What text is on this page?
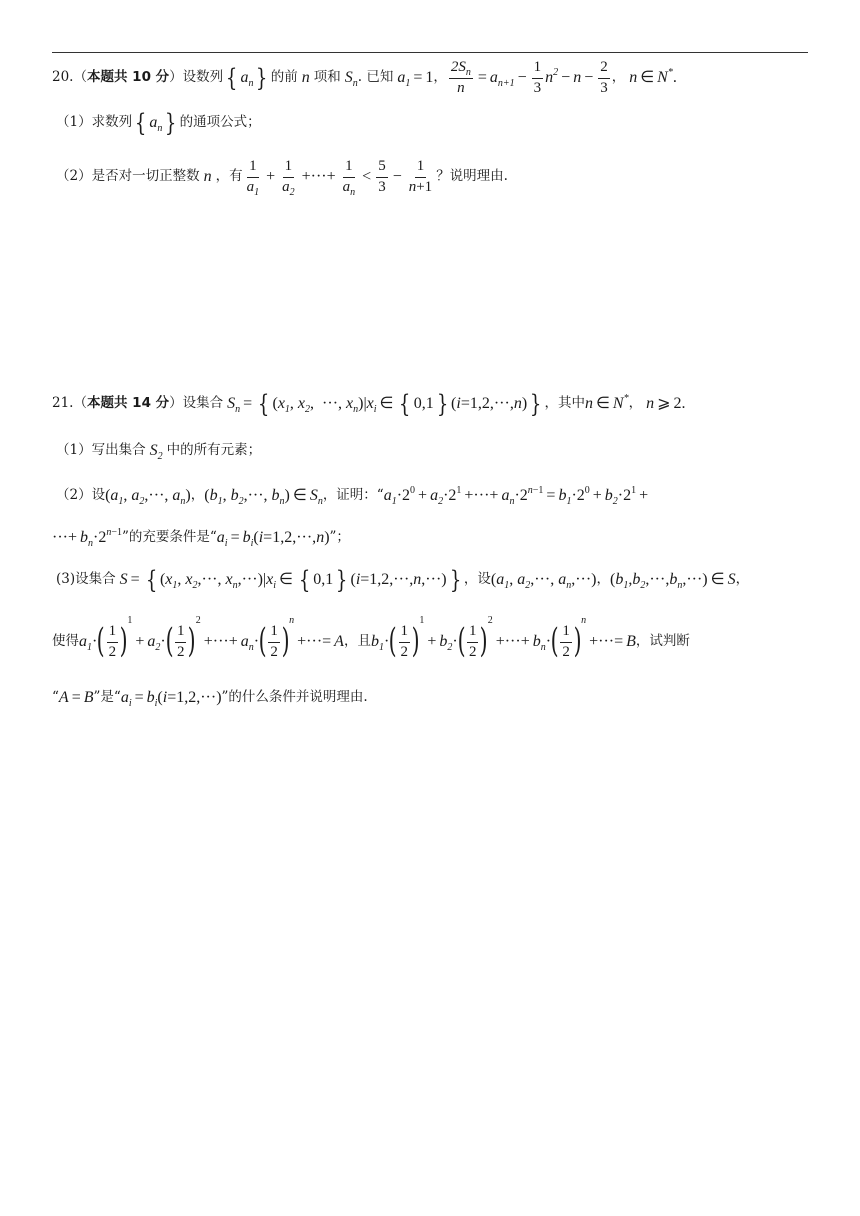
20.（ 本题共 10 分 ） 设数列 { $a_n$ } 的前 n 项和 $S_n$ . 已知 $a_1 = 1$ ， $\frac{2S_n}{n} = a_{n+1} - \frac{1}{3} n^2 - n - \frac{2}{3}$ ， n ∈ N* .
（1） 求数列 { $a_n$ } 的通项公式；
（2） 是否对一切正整数 n ，有 $\frac{1}{a_1} + \frac{1}{a_2}$ +···+ $\frac{1}{a_n} < \frac{5}{3} - \frac{1}{n+1}$ ？说明理由.
21.（ 本题共 14 分 ） 设集合 $S_n$ = { ( $x_1$ , $x_2$ ,  ···, $x_n$ ) | $x_i$ ∈ { 0,1 } ( i =1,2,···, n ) } ，其中 n ∈ N* ， n ⩾ 2.
（1） 写出集合 $S_2$ 中的所有元素；
（2） 设 ( $a_1$ , $a_2$ ,···, $a_n$ ) ， ( $b_1$ , $b_2$ ,···, $b_n$ ) ∈ $S_n$ ，证明：“ $a_1 \cdot 2^0 + a_2 \cdot 2^1$ +···+ $a_n \cdot 2^{n-1} = b_1 \cdot 2^0 + b_2 \cdot 2^1$ +
···+ $b_n \cdot 2^{n-1}$ ”的充要条件是“ $a_i = b_i$ ( i =1,2,···, n ) ”；
(3) 设集合 S = { ( $x_1$ , $x_2$ ,···, $x_n$ ,···) | $x_i$ ∈ { 0,1 } ( i =1,2,···, n ,···) } ，设 ( $a_1$ , $a_2$ ,···, $a_n$ ,···) ， ( $b_1$ , $b_2$ ,···, $b_n$ ,···) ∈ S ，
使得 $a_1$ · ( $\frac{1}{2}$ )
$^1$
+ $a_2$ · ( $\frac{1}{2}$ )
$^2$
+···+ $a_n$ · ( $\frac{1}{2}$ )
$^n$
+···= A ，且 $b_1$ · ( $\frac{1}{2}$ )
$^1$
+ $b_2$ · ( $\frac{1}{2}$ )
$^2$
+···+ $b_n$ · ( $\frac{1}{2}$ )
$^n$
+···= B ，试判断
“ A = B ”是“ $a_i = b_i$ ( i =1,2,···) ”的什么条件并说明理由.
